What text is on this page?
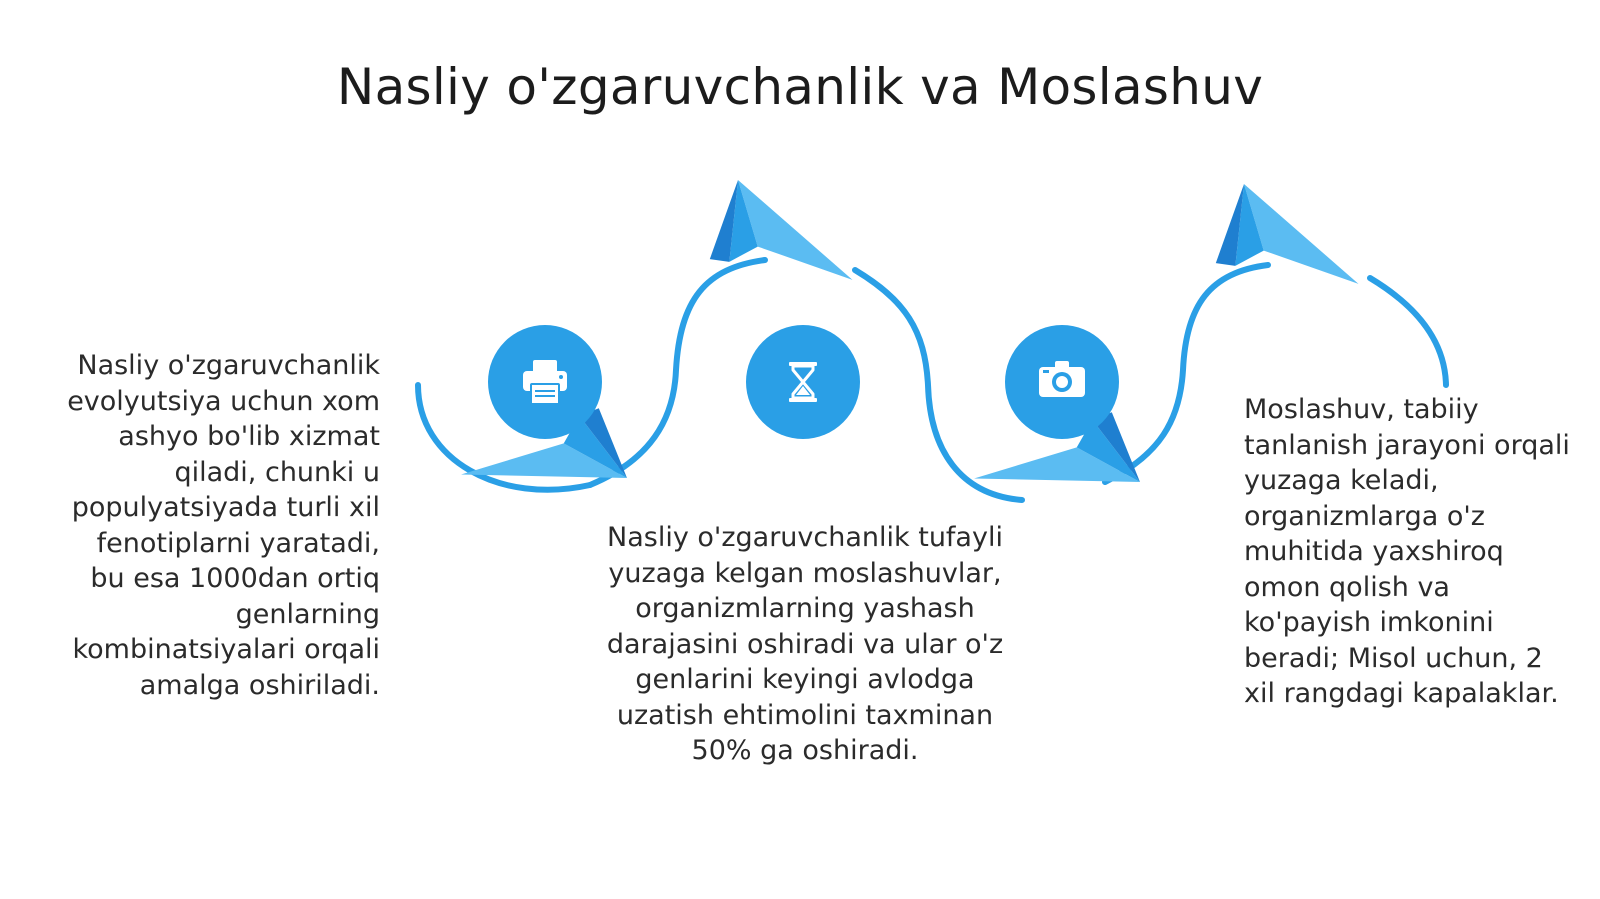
Nasliy o'zgaruvchanlik va Moslashuv
Nasliy o'zgaruvchanlik evolyutsiya uchun xom ashyo bo'lib xizmat qiladi, chunki u populyatsiyada turli xil fenotiplarni yaratadi, bu esa 1000dan ortiq genlarning kombinatsiyalari orqali amalga oshiriladi.
Nasliy o'zgaruvchanlik tufayli yuzaga kelgan moslashuvlar, organizmlarning yashash darajasini oshiradi va ular o'z genlarini keyingi avlodga uzatish ehtimolini taxminan 50% ga oshiradi.
Moslashuv, tabiiy tanlanish jarayoni orqali yuzaga keladi, organizmlarga o'z muhitida yaxshiroq omon qolish va ko'payish imkonini beradi; Misol uchun, 2 xil rangdagi kapalaklar.
